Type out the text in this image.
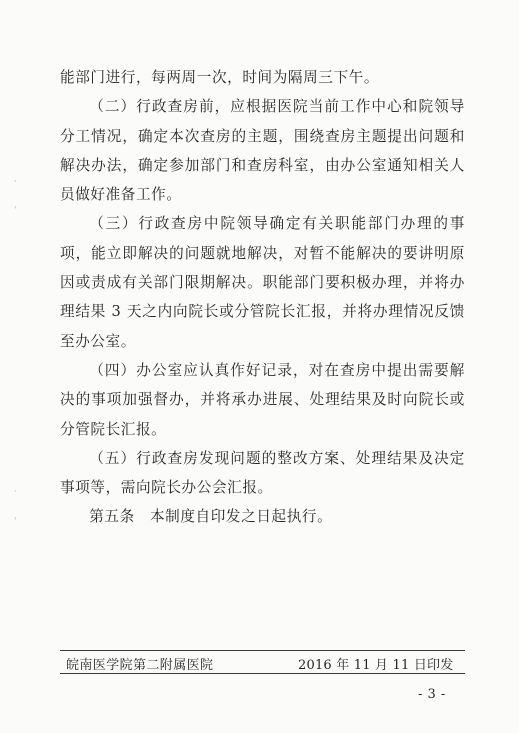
·
'
·
'

能部门进行，每两周一次，时间为隔周三下午。

（二）行政查房前，应根据医院当前工作中心和院领导分工情况，确定本次查房的主题，围绕查房主题提出问题和解决办法，确定参加部门和查房科室，由办公室通知相关人员做好准备工作。

（三）行政查房中院领导确定有关职能部门办理的事项，能立即解决的问题就地解决，对暂不能解决的要讲明原因或责成有关部门限期解决。职能部门要积极办理，并将办理结果 3 天之内向院长或分管院长汇报，并将办理情况反馈至办公室。

（四）办公室应认真作好记录，对在查房中提出需要解决的事项加强督办，并将承办进展、处理结果及时向院长或分管院长汇报。

（五）行政查房发现问题的整改方案、处理结果及决定事项等，需向院长办公会汇报。

第五条　本制度自印发之日起执行。

皖南医学院第二附属医院	2016 年 11 月 11 日印发
- 3 -
